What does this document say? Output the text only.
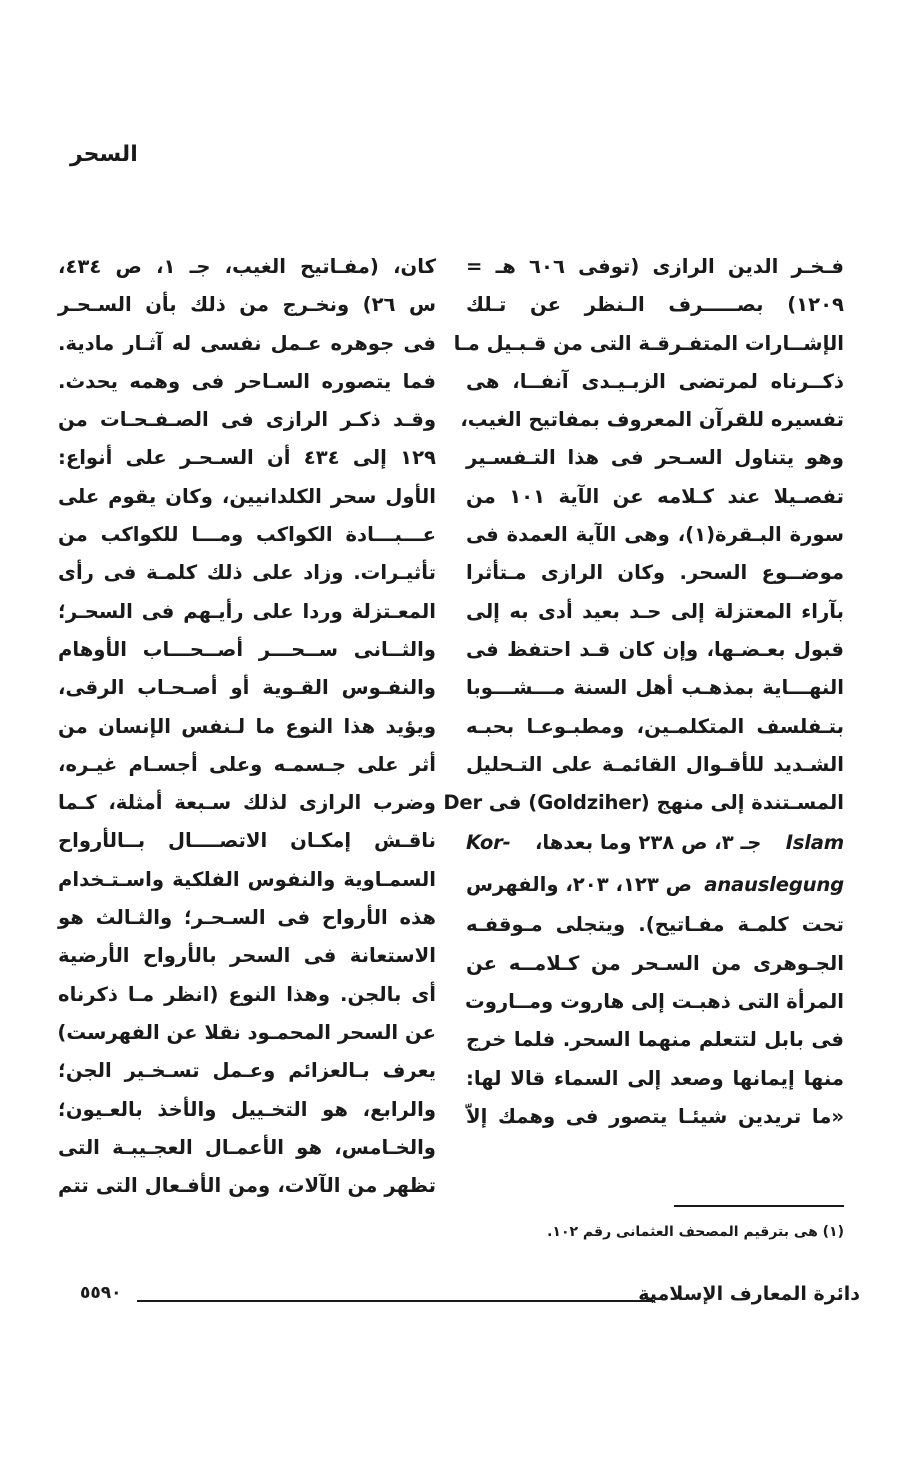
السحر
فـخـر الدين الرازى (توفى ٦٠٦ هـ =
١٢٠٩) بصـــــرف الـنظر عن تـلك
الإشــارات المتفـرقـة التى من قـبـيل مـا
ذكــرناه لمرتضى الزبـيـدى آنفــا، هى
تفسيره للقرآن المعروف بمفاتيح الغيب،
وهو يتناول السـحر فى هذا التـفسـير
تفصـيلا عند كـلامه عن الآية ١٠١ من
سورة البـقرة(١)، وهى الآية العمدة فى
موضــوع السحر. وكان الرازى مـتأثرا
بآراء المعتزلة إلى حـد بعيد أدى به إلى
قبول بعـضـها، وإن كان قـد احتفظ فى
النهـــاية بمذهـب أهل السنة مـــشـــوبا
بتـفلسف المتكلمـين، ومطبـوعـا بحبـه
الشـديد للأقـوال القائمـة على التـحليل
المسـتندة إلى منهج (Goldziher) فى Der
Islam
جـ ٣، ص ٢٣٨ وما بعدها،
Kor-
anauslegung
ص ١٢٣، ٢٠٣، والفهرس
تحت كلمـة مفـاتيح). ويتجلى مـوقفـه
الجـوهرى من السـحر من كـلامــه عن
المرأة التى ذهبـت إلى هاروت ومــاروت
فى بابل لتتعلم منهما السحر. فلما خرج
منها إيمانها وصعد إلى السماء قالا لها:
«ما تريدين شيئـا يتصور فى وهمك إلاّ
كان، (مفـاتيح الغيب، جـ ١، ص ٤٣٤،
س ٢٦) ونخـرج من ذلك بأن السـحـر
فى جوهره عـمل نفسى له آثـار مادية.
فما يتصوره السـاحر فى وهمه يحدث.
وقـد ذكـر الرازى فى الصـفـحـات من
١٢٩ إلى ٤٣٤ أن السـحـر على أنواع:
الأول سحر الكلدانيين، وكان يقوم على
عـــبـــادة الكواكب ومـــا للكواكب من
تأثيـرات. وزاد على ذلك كلمـة فى رأى
المعـتزلة وردا على رأيـهم فى السحـر؛
والثــانى ســحـــر أصــحـــاب الأوهام
والنفـوس القـوية أو أصـحـاب الرقى،
ويؤيد هذا النوع ما لـنفس الإنسان من
أثر على جـسمـه وعلى أجسـام غيـره،
وضرب الرازى لذلك سـبعة أمثلة، كـما
ناقـش إمكـان الاتصــــال بــالأرواح
السمـاوية والنفوس الفلكية واسـتـخدام
هذه الأرواح فى السـحـر؛ والثـالث هو
الاستعانة فى السحر بالأرواح الأرضية
أى بالجن. وهذا النوع (انظر مـا ذكرناه
عن السحر المحمـود نقلا عن الفهرست)
يعرف بـالعزائم وعـمل تسـخـير الجن؛
والرابع، هو التخـييل والأخذ بالعـيون؛
والخـامس، هو الأعمـال العجـيبـة التى
تظهر من الآلات، ومن الأفـعال التى تتم
(١) هى بترقيم المصحف العثمانى رقم ١٠٢.
دائرة المعارف الإسلامية
٥٥٩٠
